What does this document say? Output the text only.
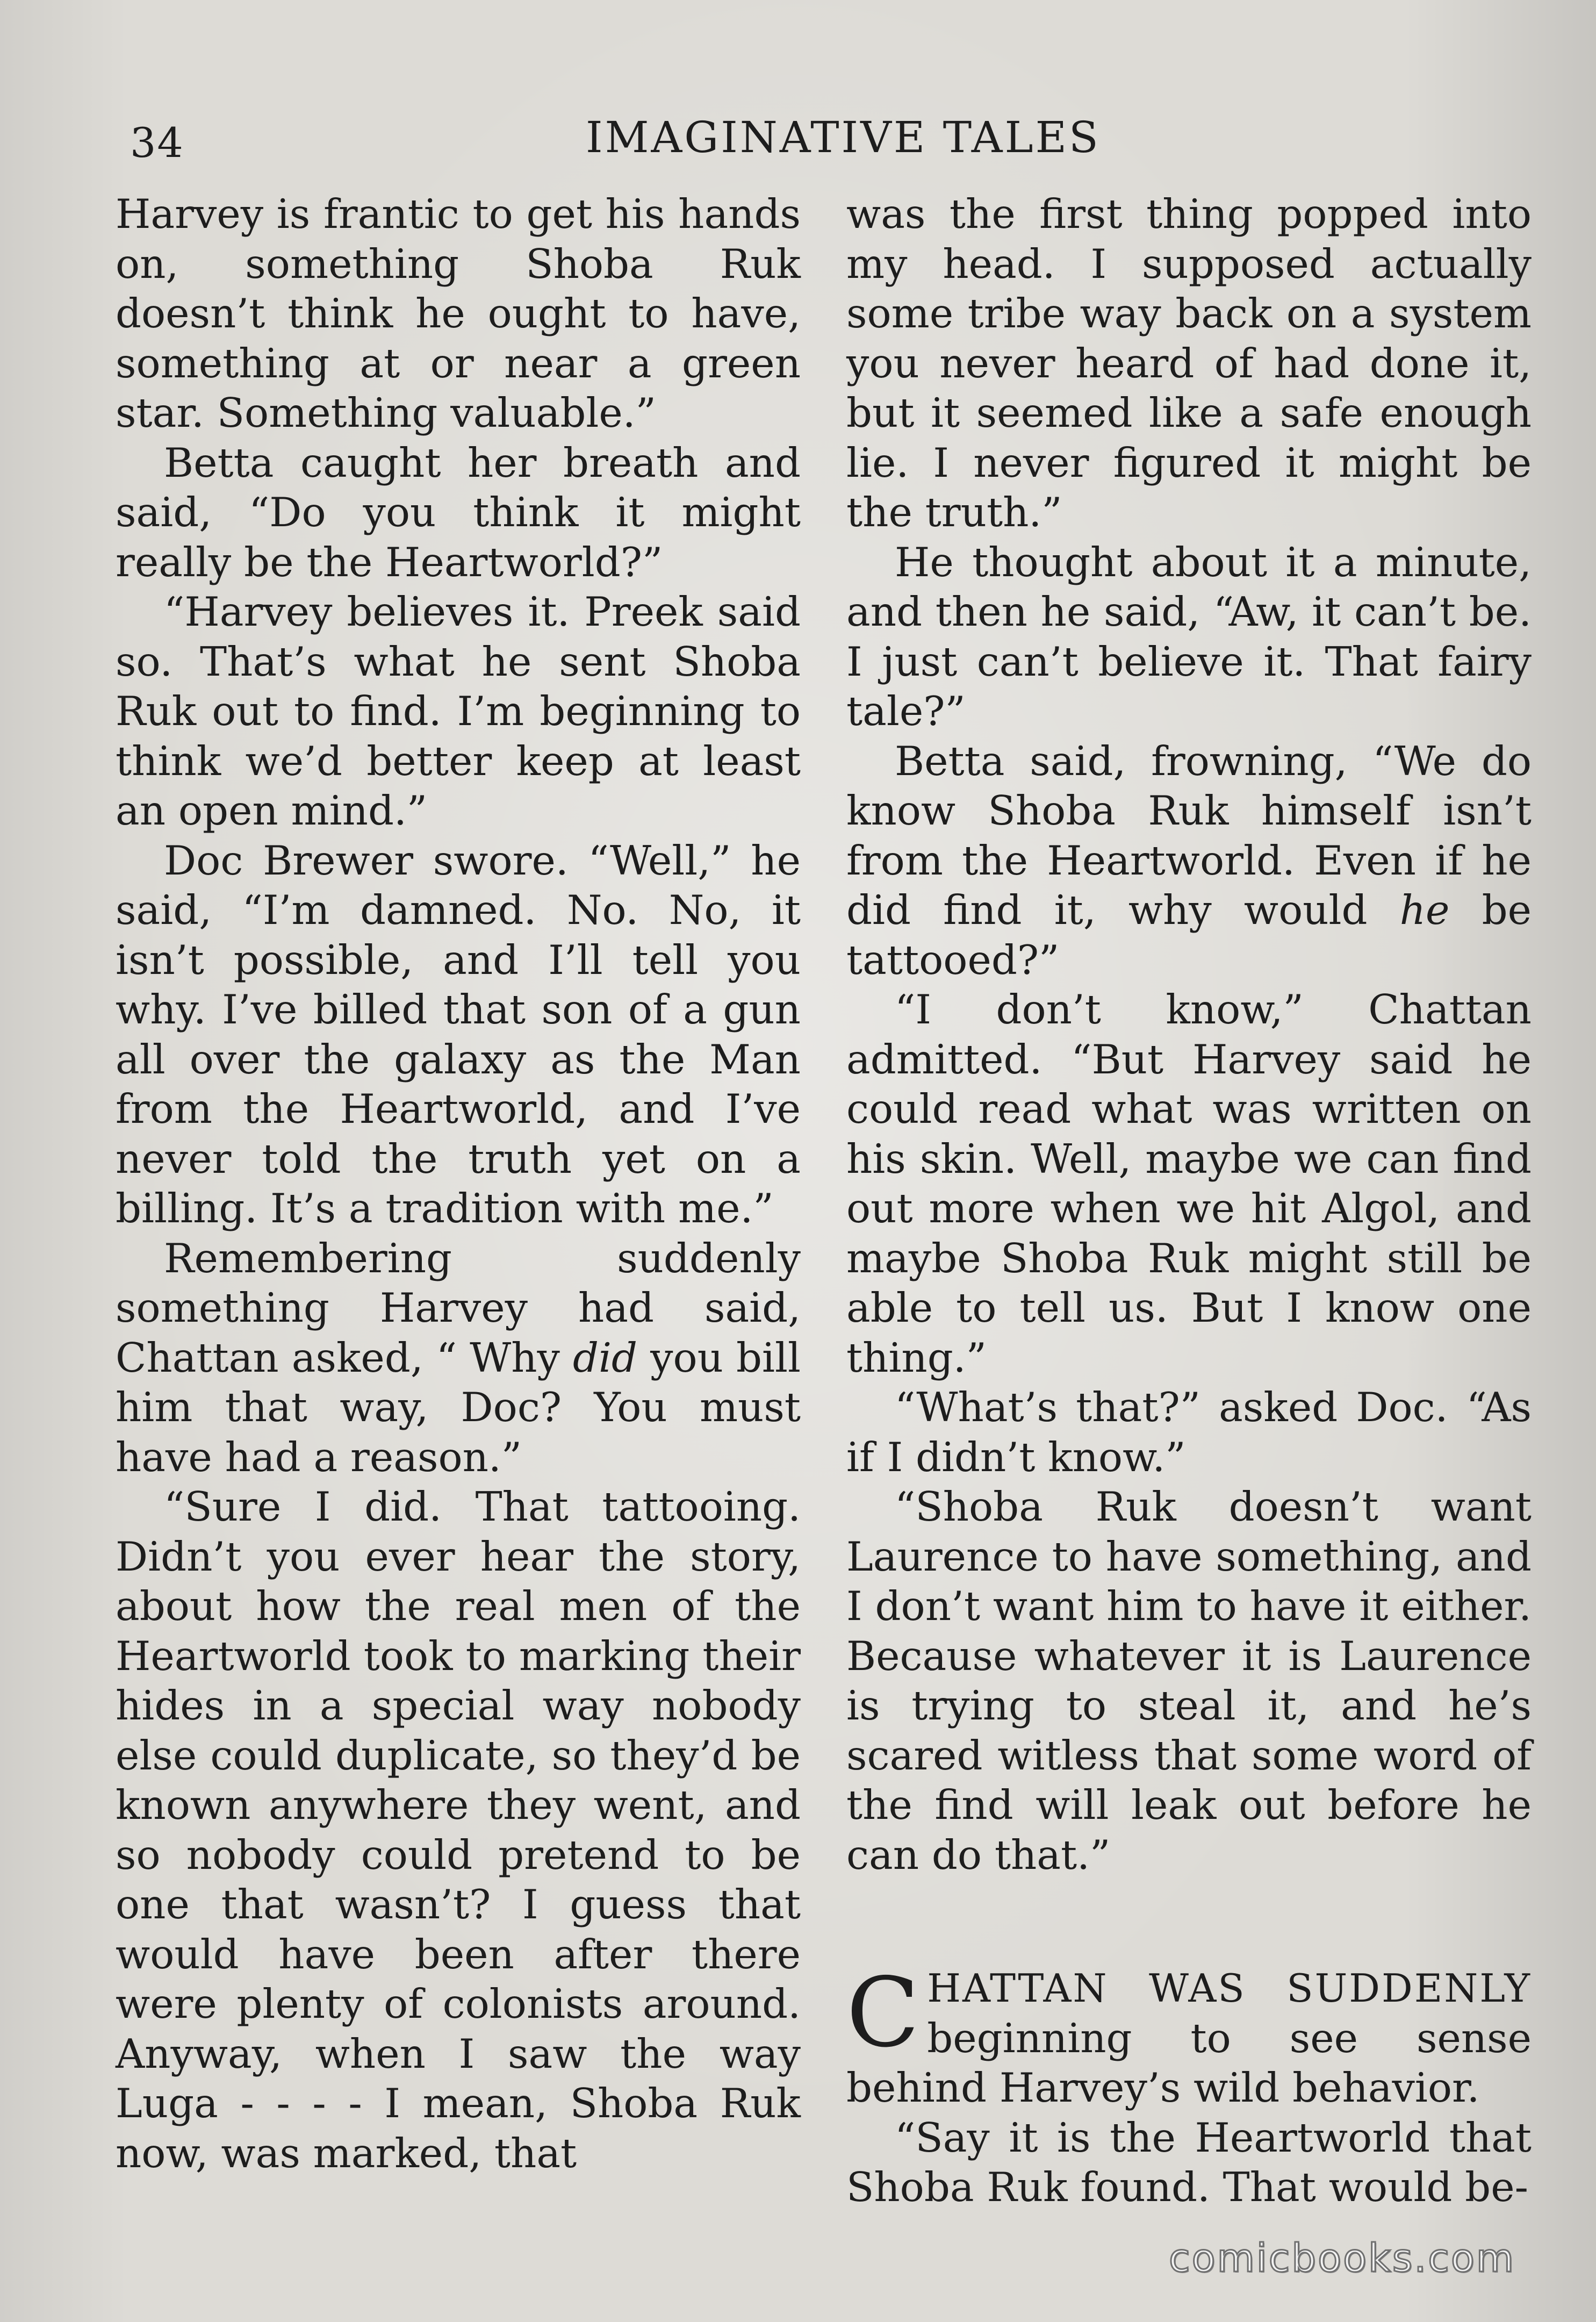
34	IMAGINATIVE TALES

Harvey is frantic to get his hands on, something Shoba Ruk doesn’t think he ought to have, something at or near a green star. Something valuable.”

Betta caught her breath and said, “Do you think it might really be the Heartworld?”

“Harvey believes it. Preek said so. That’s what he sent Shoba Ruk out to find. I’m beginning to think we’d better keep at least an open mind.”

Doc Brewer swore. “Well,” he said, “I’m damned. No. No, it isn’t possible, and I’ll tell you why. I’ve billed that son of a gun all over the galaxy as the Man from the Heartworld, and I’ve never told the truth yet on a billing. It’s a tradition with me.”

Remembering suddenly something Harvey had said, Chattan asked, “ Why did you bill him that way, Doc? You must have had a reason.”

“Sure I did. That tattooing. Didn’t you ever hear the story, about how the real men of the Heartworld took to marking their hides in a special way nobody else could duplicate, so they’d be known anywhere they went, and so nobody could pretend to be one that wasn’t? I guess that would have been after there were plenty of colonists around. Anyway, when I saw the way Luga - - - - I mean, Shoba Ruk now, was marked, that

was the first thing popped into my head. I supposed actually some tribe way back on a system you never heard of had done it, but it seemed like a safe enough lie. I never figured it might be the truth.”

He thought about it a minute, and then he said, “Aw, it can’t be. I just can’t believe it. That fairy tale?”

Betta said, frowning, “We do know Shoba Ruk himself isn’t from the Heartworld. Even if he did find it, why would he be tattooed?”

“I don’t know,” Chattan admitted. “But Harvey said he could read what was written on his skin. Well, maybe we can find out more when we hit Algol, and maybe Shoba Ruk might still be able to tell us. But I know one thing.”

“What’s that?” asked Doc. “As if I didn’t know.”

“Shoba Ruk doesn’t want Laurence to have something, and I don’t want him to have it either. Because whatever it is Laurence is trying to steal it, and he’s scared witless that some word of the find will leak out before he can do that.”

CHATTAN WAS SUDDENLY beginning to see sense behind Harvey’s wild behavior.

“Say it is the Heartworld that Shoba Ruk found. That would be-

comicbooks.com
